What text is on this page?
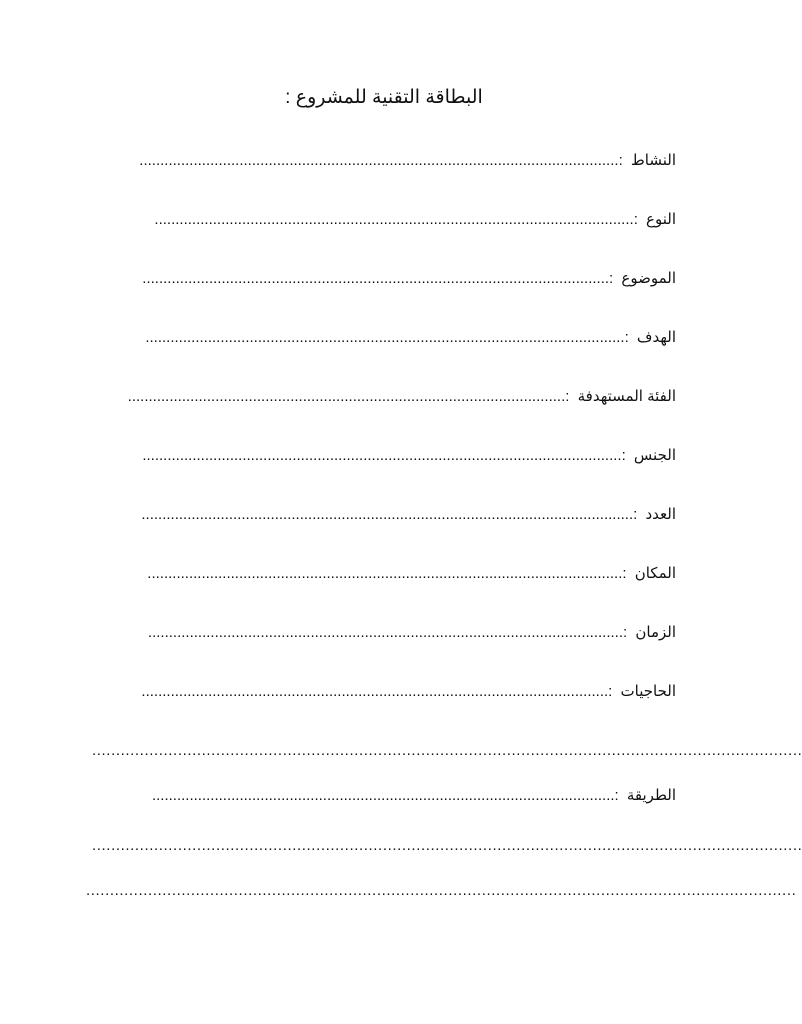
البطاقة التقنية للمشروع :
النشاط :...................................................................................................................
النوع :...................................................................................................................
الموضوع :................................................................................................................
الهدف :...................................................................................................................
الفئة المستهدفة :.........................................................................................................
الجنس :...................................................................................................................
العدد :......................................................................................................................
المكان :..................................................................................................................
الزمان :..................................................................................................................
الحاجيات :................................................................................................................
.....................................................................................................................................................
الطريقة :...............................................................................................................
.....................................................................................................................................................
.....................................................................................................................................................
